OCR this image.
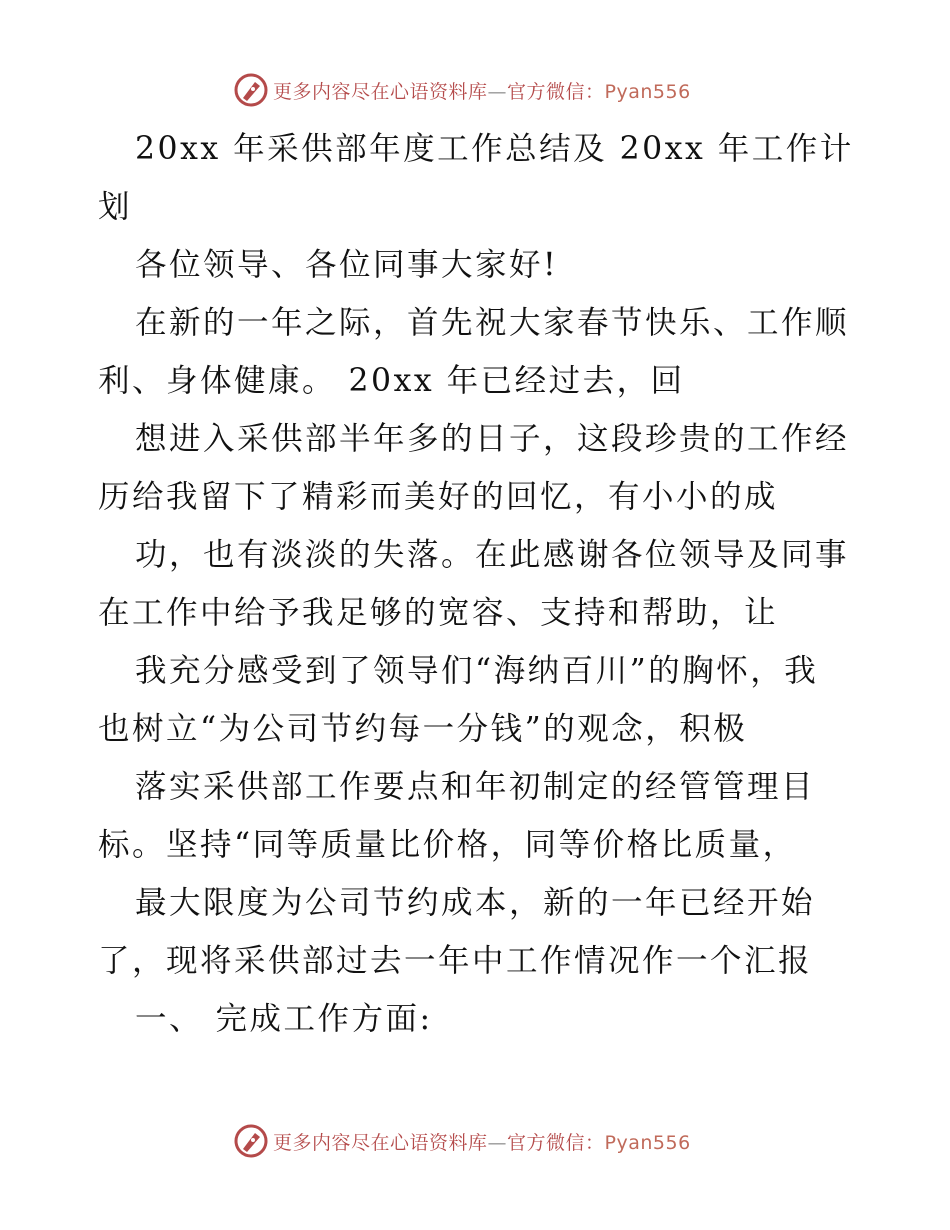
更多内容尽在心语资料库—官方微信：Pyan556
20xx 年采供部年度工作总结及 20xx 年工作计
划
各位领导、各位同事大家好!
在新的一年之际，首先祝大家春节快乐、工作顺
利、身体健康。 20xx 年已经过去，回
想进入采供部半年多的日子，这段珍贵的工作经
历给我留下了精彩而美好的回忆，有小小的成
功，也有淡淡的失落。在此感谢各位领导及同事
在工作中给予我足够的宽容、支持和帮助，让
我充分感受到了领导们“海纳百川”的胸怀，我
也树立“为公司节约每一分钱”的观念，积极
落实采供部工作要点和年初制定的经管管理目
标。坚持“同等质量比价格，同等价格比质量，
最大限度为公司节约成本，新的一年已经开始
了，现将采供部过去一年中工作情况作一个汇报
一、 完成工作方面:
更多内容尽在心语资料库—官方微信：Pyan556
